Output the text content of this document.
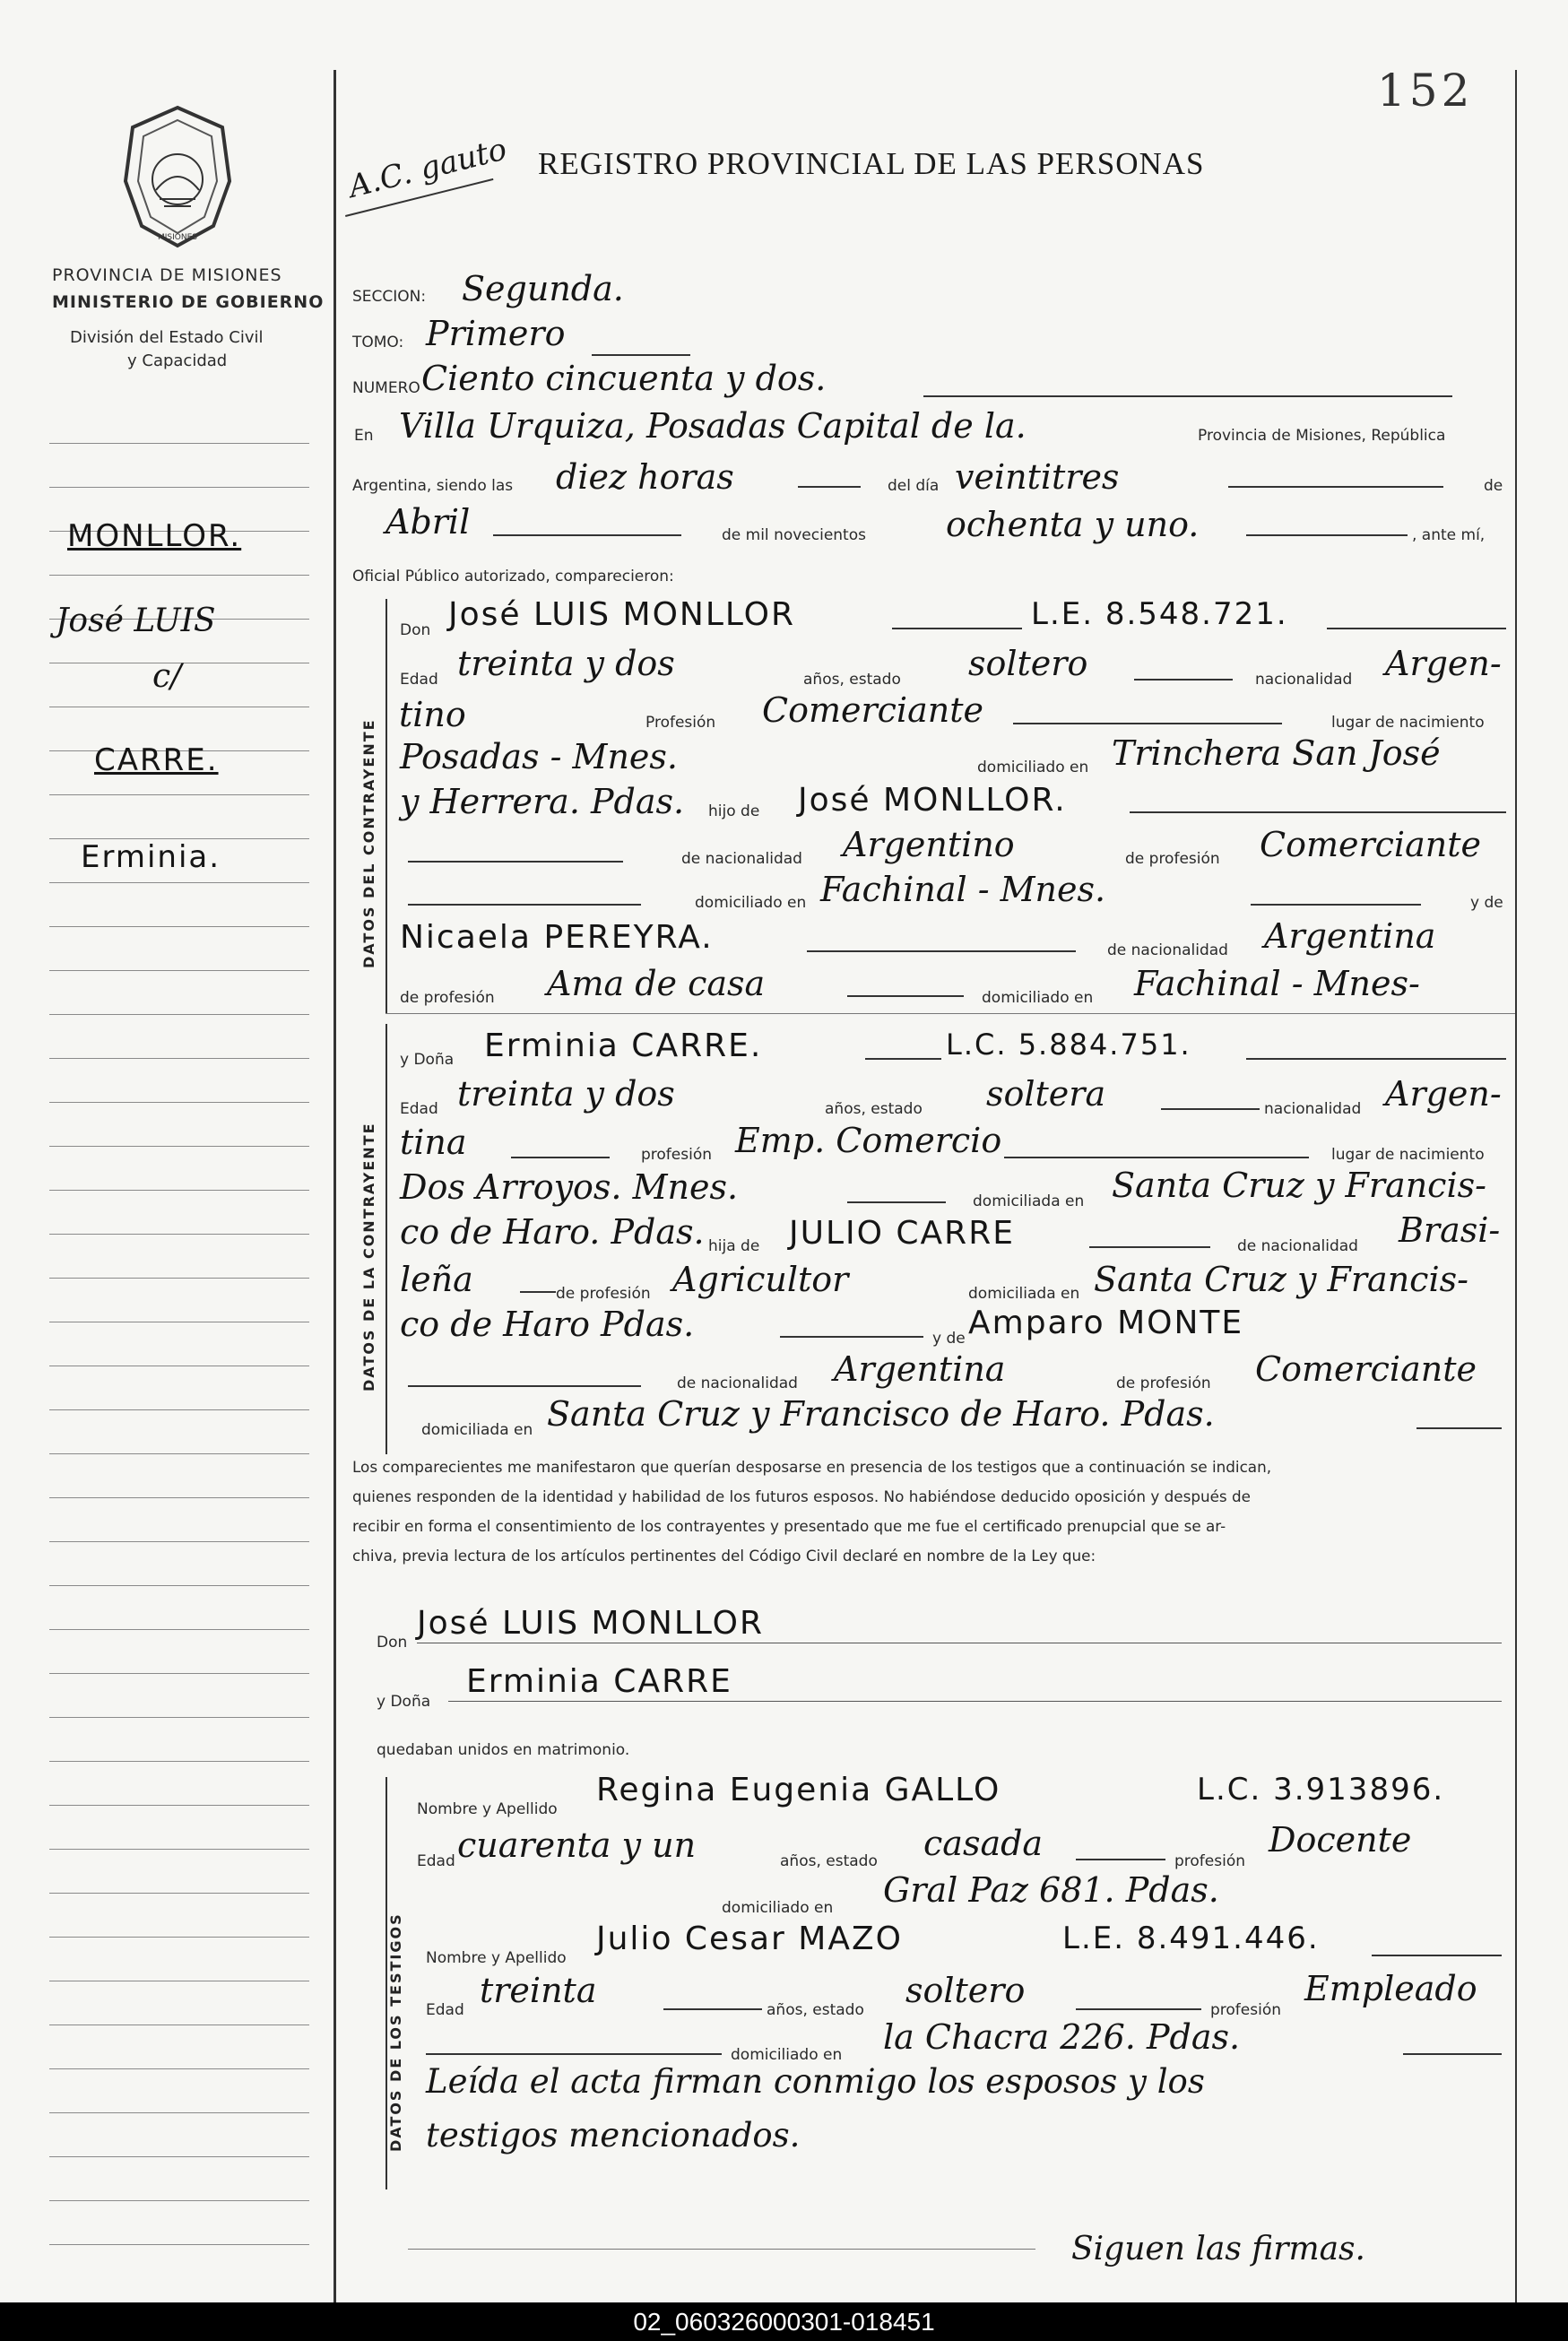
152
MISIONES
A.C. gauto REGISTRO PROVINCIAL DE LAS PERSONAS
PROVINCIA DE MISIONES
MINISTERIO DE GOBIERNO
División del Estado Civil
y Capacidad
MONLLOR.
José LUIS
c/
CARRE.
Erminia.
SECCION: Segunda.
TOMO: Primero
NUMERO Ciento cincuenta y dos.
En Villa Urquiza, Posadas Capital de la.	Provincia de Misiones, República
Argentina, siendo las diez horas	del día veintitres	de
Abril	de mil novecientos ochenta y uno.	, ante mí,
Oficial Público autorizado, comparecieron:
DATOS DEL CONTRAYENTE
DATOS DE LA CONTRAYENTE
DATOS DE LOS TESTIGOS
Don José LUIS MONLLOR	L.E. 8.548.721.
Edad treinta y dos	años, estado soltero	nacionalidad Argen-
tino	Profesión Comerciante	lugar de nacimiento
Posadas - Mnes.	domiciliado en Trinchera San José
y Herrera. Pdas. hijo de José MONLLOR.
de nacionalidad Argentino	de profesión Comerciante
domiciliado en Fachinal - Mnes.	y de
Nicaela PEREYRA.	de nacionalidad Argentina
de profesión Ama de casa	domiciliado en Fachinal - Mnes-
y Doña Erminia CARRE.	L.C. 5.884.751.
Edad treinta y dos	años, estado soltera	nacionalidad Argen-
tina	profesión Emp. Comercio	lugar de nacimiento
Dos Arroyos. Mnes.	domiciliada en Santa Cruz y Francis-
co de Haro. Pdas. hija de JULIO CARRE	de nacionalidad Brasi-
leña	de profesión Agricultor	domiciliada en Santa Cruz y Francis-
co de Haro Pdas.	y de Amparo MONTE
de nacionalidad Argentina	de profesión Comerciante
domiciliada en Santa Cruz y Francisco de Haro. Pdas.
Los comparecientes me manifestaron que querían desposarse en presencia de los testigos que a continuación se indican,
quienes responden de la identidad y habilidad de los futuros esposos. No habiéndose deducido oposición y después de
recibir en forma el consentimiento de los contrayentes y presentado que me fue el certificado prenupcial que se ar-
chiva, previa lectura de los artículos pertinentes del Código Civil declaré en nombre de la Ley que:
Don
José LUIS MONLLOR
y Doña
Erminia CARRE
quedaban unidos en matrimonio.
Nombre y Apellido
Regina Eugenia GALLO	L.C. 3.913896.
Edad cuarenta y un	años, estado casada	profesión
Docente
domiciliado en Gral Paz 681. Pdas.
Nombre y Apellido
Julio Cesar MAZO	L.E. 8.491.446.
Edad treinta	años, estado soltero	profesión
Empleado
domiciliado en la Chacra 226. Pdas.
Leída el acta firman conmigo los esposos y los
testigos mencionados.
Siguen las firmas.
02_060326000301-018451
